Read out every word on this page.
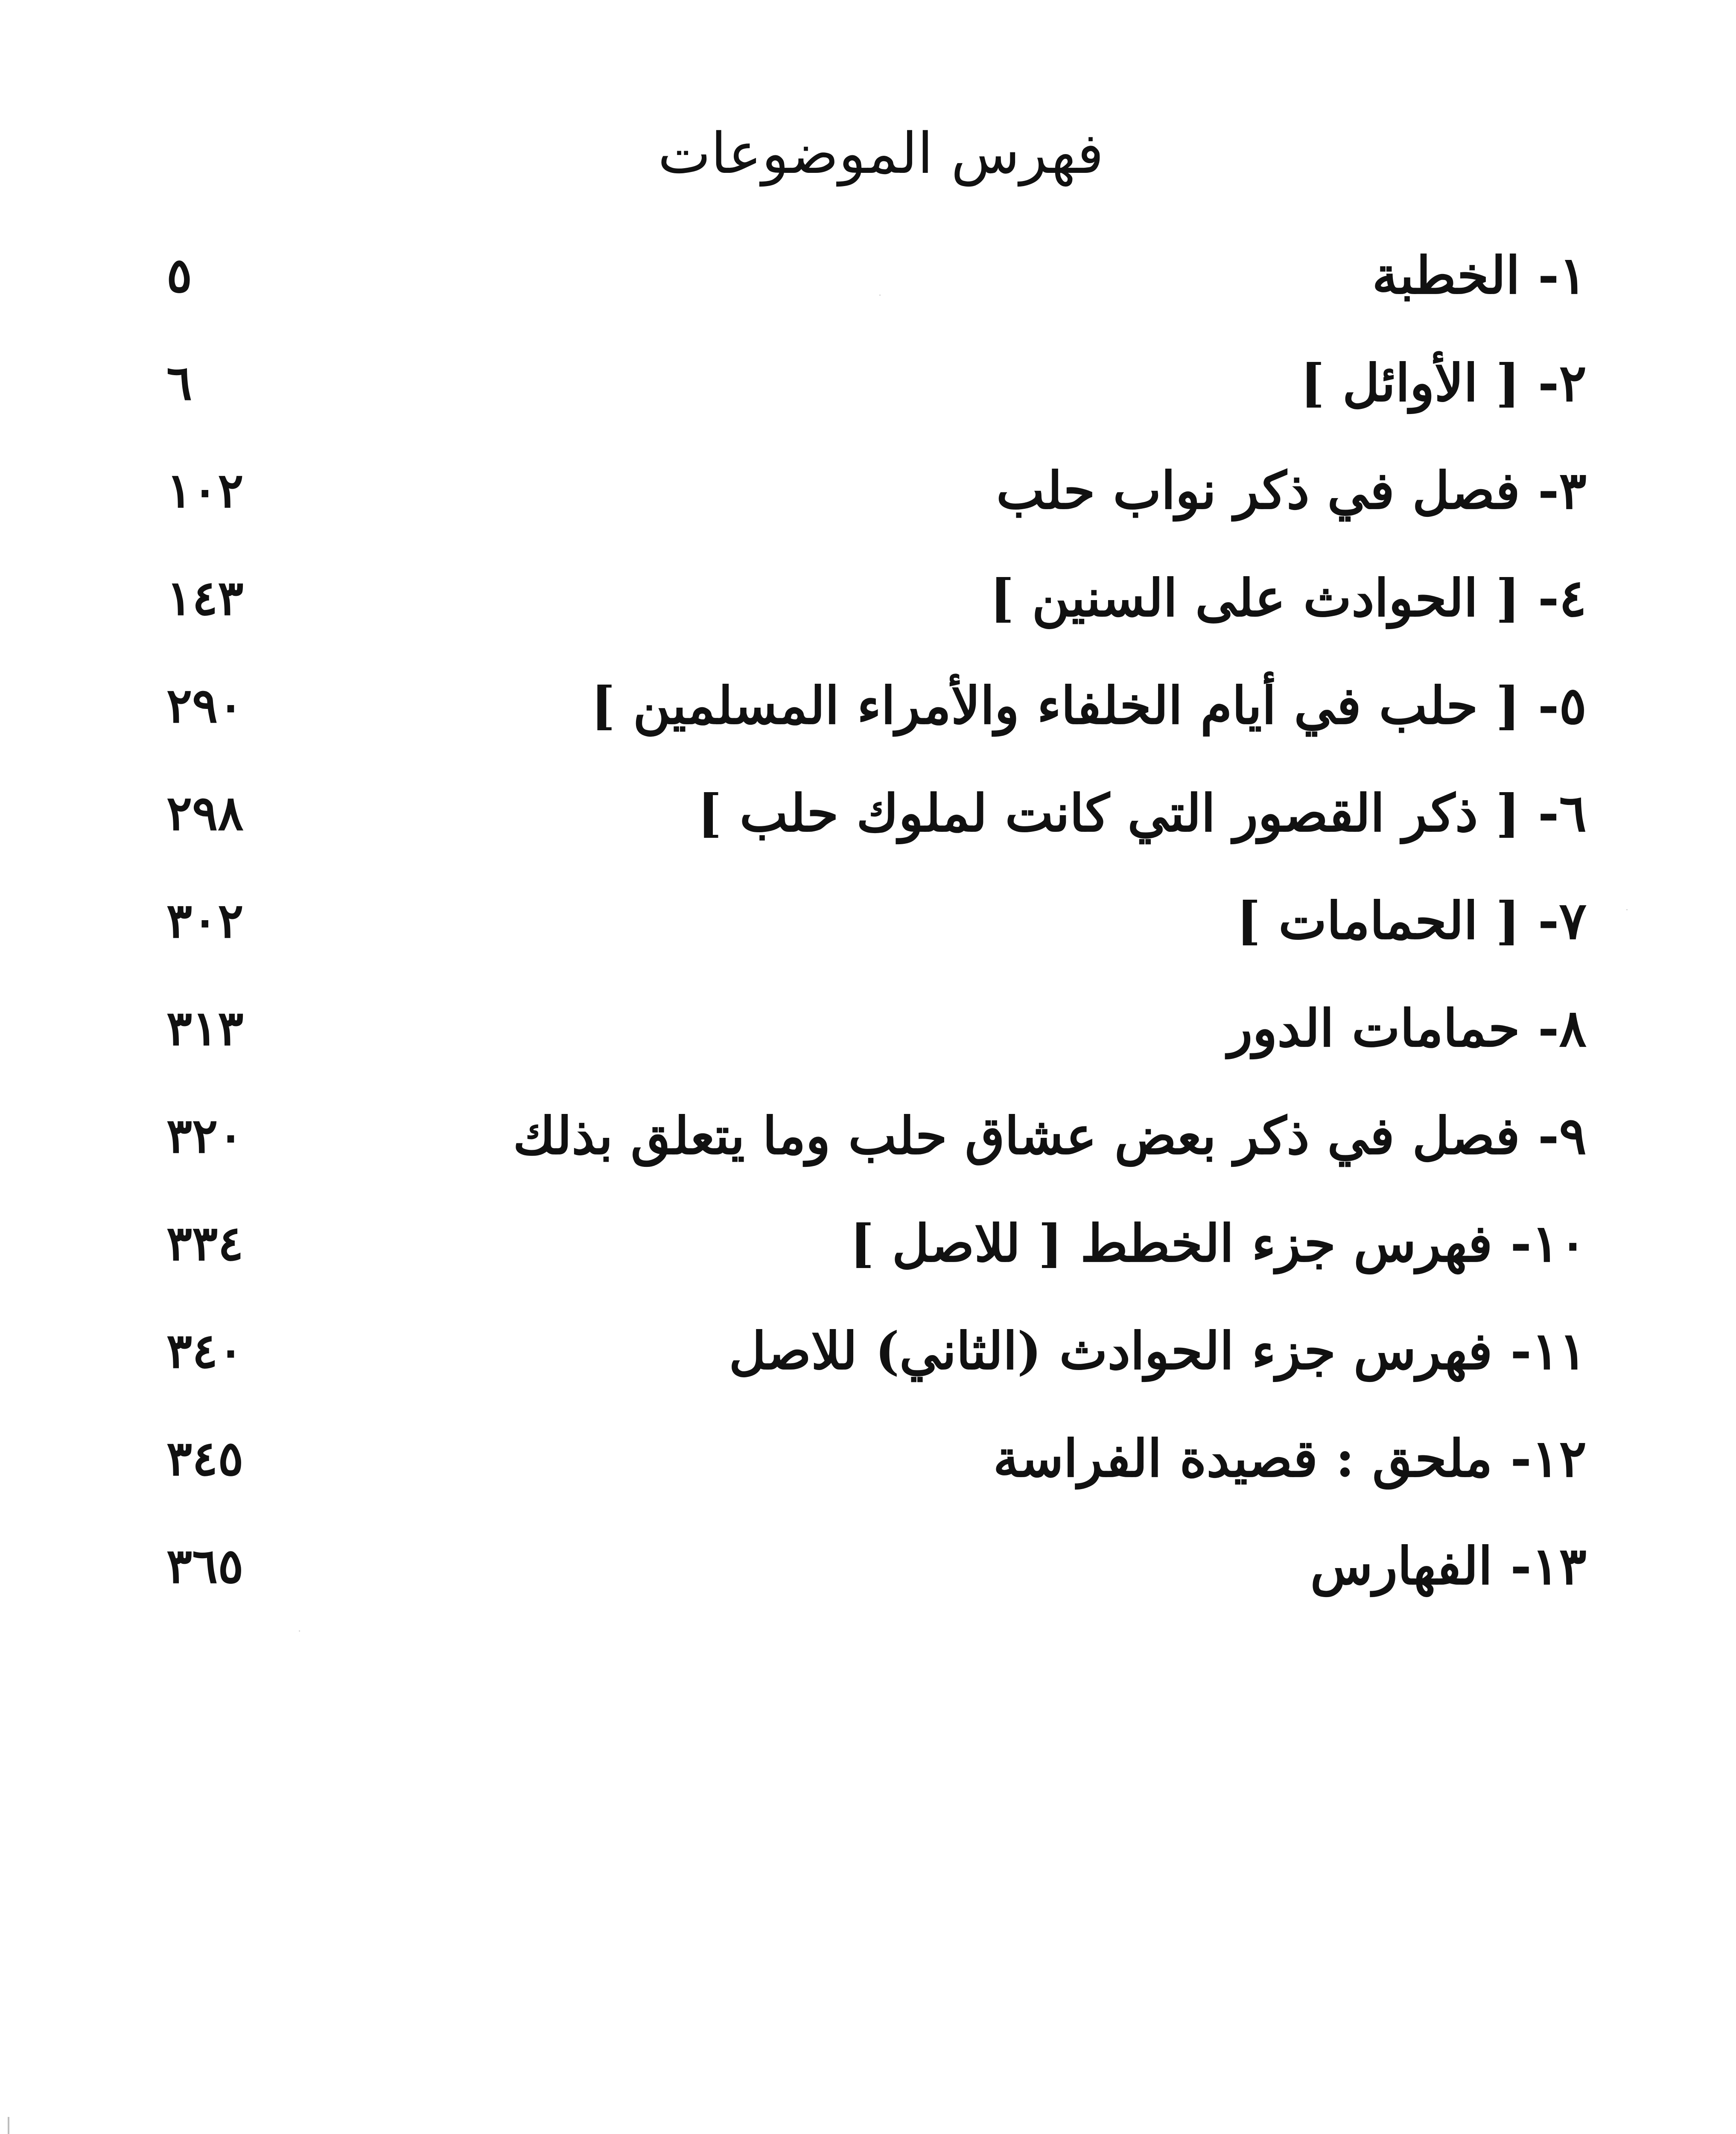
فهرس الموضوعات
١- الخطبة
٥
٢- [ الأوائل ]
٦
٣- فصل في ذكر نواب حلب
١٠٢
٤- [ الحوادث على السنين ]
١٤٣
٥- [ حلب في أيام الخلفاء والأمراء المسلمين ]
٢٩٠
٦- [ ذكر القصور التي كانت لملوك حلب ]
٢٩٨
٧- [ الحمامات ]
٣٠٢
٨- حمامات الدور
٣١٣
٩- فصل في ذكر بعض عشاق حلب وما يتعلق بذلك
٣٢٠
١٠- فهرس جزء الخطط [ للاصل ]
٣٣٤
١١- فهرس جزء الحوادث (الثاني) للاصل
٣٤٠
١٢- ملحق : قصيدة الفراسة
٣٤٥
١٣- الفهارس
٣٦٥
